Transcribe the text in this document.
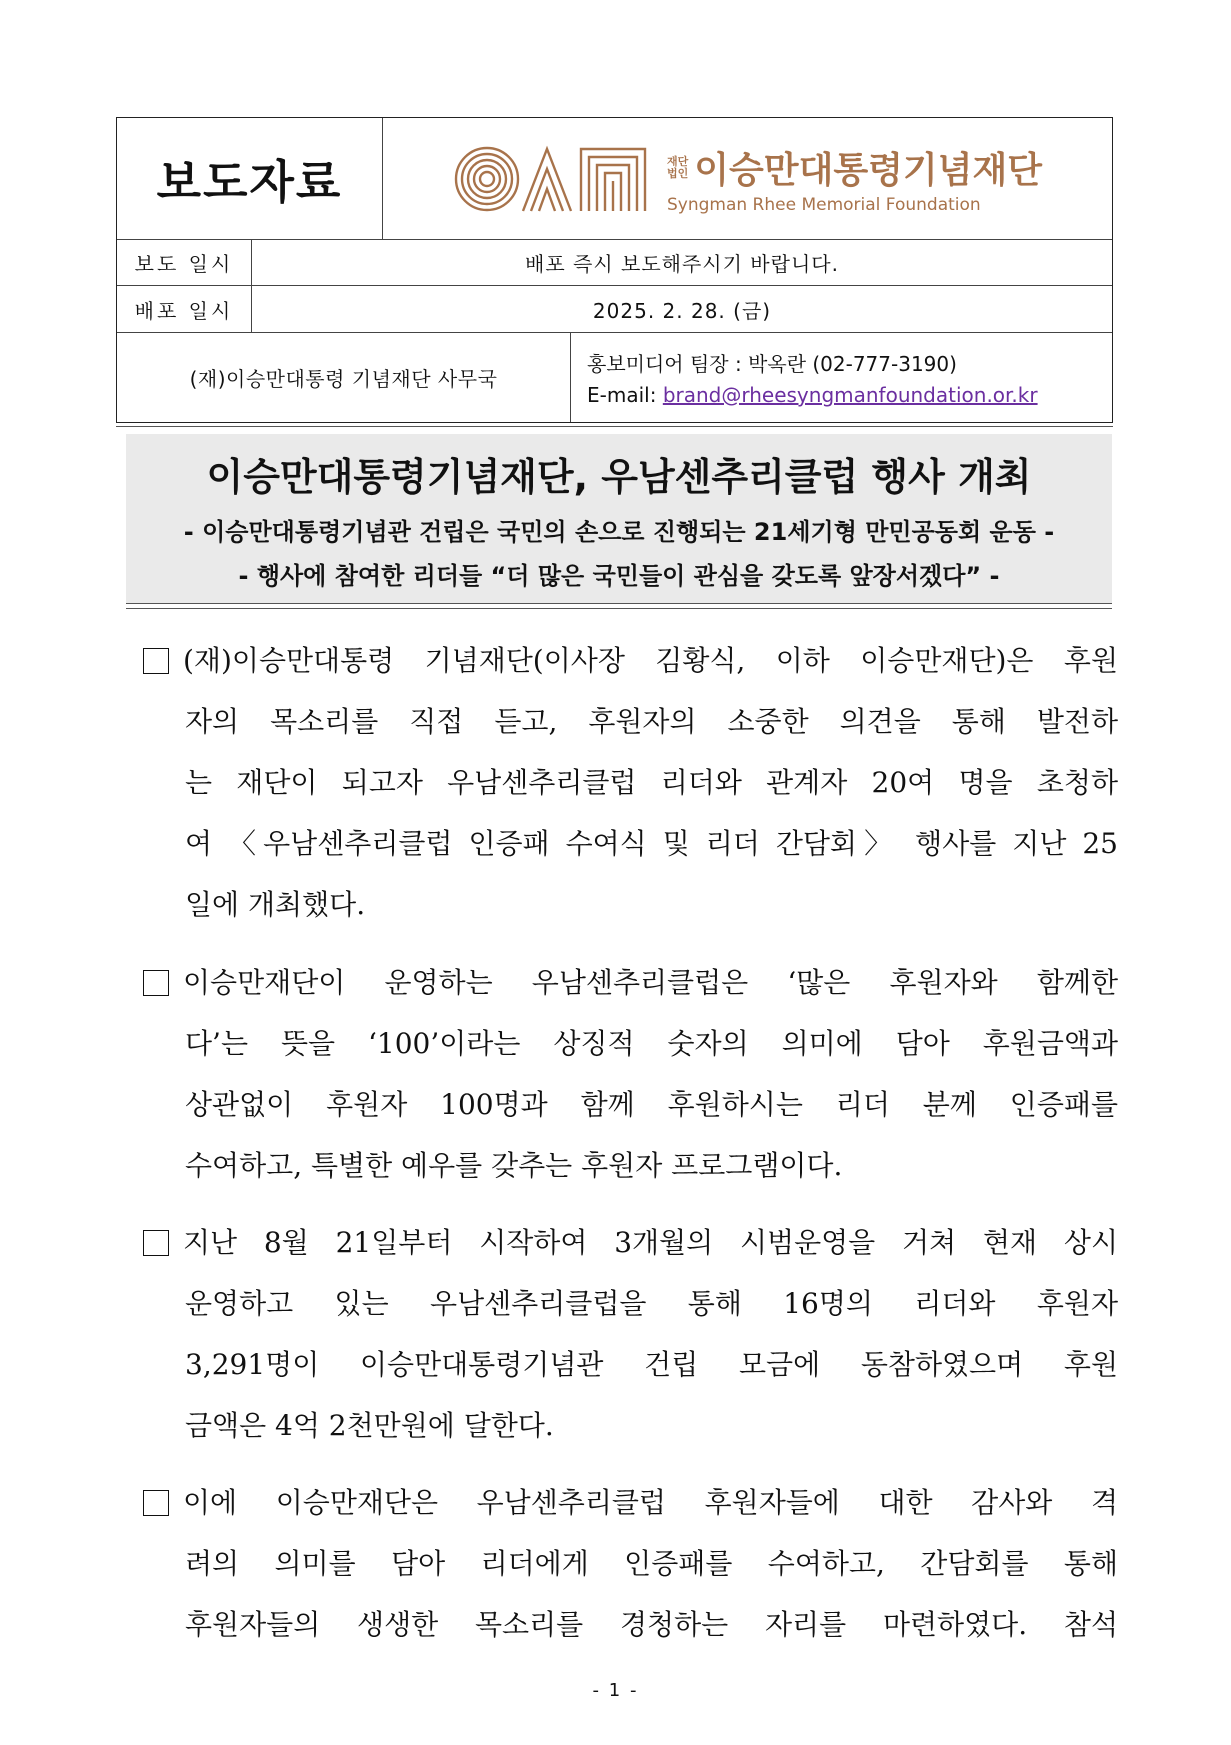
보도자료	재단
법인 이승만대통령기념재단
Syngman Rhee Memorial Foundation
보도 일시	배포 즉시 보도해주시기 바랍니다.
배포 일시	2025. 2. 28. (금)
(재)이승만대통령 기념재단 사무국
홍보미디어 팀장 : 박옥란 (02-777-3190)
E-mail: brand@rheesyngmanfoundation.or.kr
이승만대통령기념재단, 우남센추리클럽 행사 개최
- 이승만대통령기념관 건립은 국민의 손으로 진행되는 21세기형 만민공동회 운동 -
- 행사에 참여한 리더들 “더 많은 국민들이 관심을 갖도록 앞장서겠다” -
(재)이승만대통령 기념재단(이사장 김황식, 이하 이승만재단)은 후원
자의 목소리를 직접 듣고, 후원자의 소중한 의견을 통해 발전하
는 재단이 되고자 우남센추리클럽 리더와 관계자 20여 명을 초청하
여 〈우남센추리클럽 인증패 수여식 및 리더 간담회〉 행사를 지난 25
일에 개최했다.
이승만재단이 운영하는 우남센추리클럽은 ‘많은 후원자와 함께한
다’는 뜻을 ‘100’이라는 상징적 숫자의 의미에 담아 후원금액과
상관없이 후원자 100명과 함께 후원하시는 리더 분께 인증패를
수여하고, 특별한 예우를 갖추는 후원자 프로그램이다.
지난 8월 21일부터 시작하여 3개월의 시범운영을 거쳐 현재 상시
운영하고 있는 우남센추리클럽을 통해 16명의 리더와 후원자
3,291명이 이승만대통령기념관 건립 모금에 동참하였으며 후원
금액은 4억 2천만원에 달한다.
이에 이승만재단은 우남센추리클럽 후원자들에 대한 감사와 격
려의 의미를 담아 리더에게 인증패를 수여하고, 간담회를 통해
후원자들의 생생한 목소리를 경청하는 자리를 마련하였다. 참석
- 1 -
